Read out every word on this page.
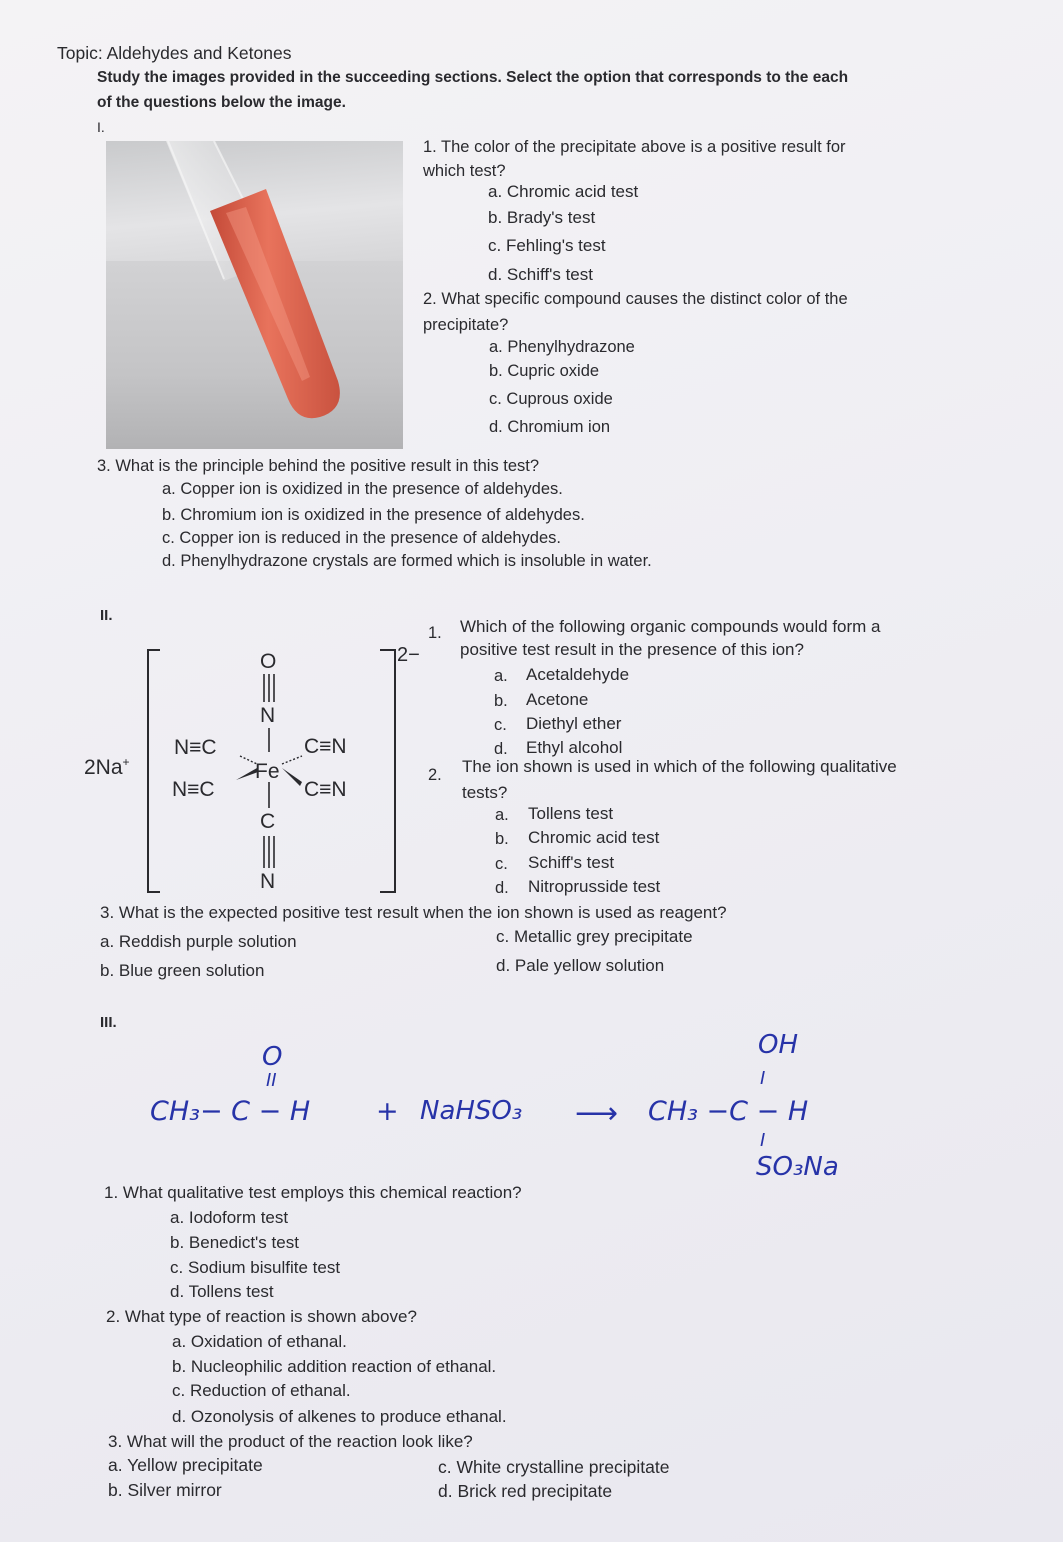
Topic: Aldehydes and Ketones
Study the images provided in the succeeding sections. Select the option that corresponds to the each
of the questions below the image.
I.
1. The color of the precipitate above is a positive result for
which test?
a. Chromic acid test
b. Brady's test
c. Fehling's test
d. Schiff's test
2. What specific compound causes the distinct color of the
precipitate?
a. Phenylhydrazone
b. Cupric oxide
c. Cuprous oxide
d. Chromium ion
3. What is the principle behind the positive result in this test?
a. Copper ion is oxidized in the presence of aldehydes.
b. Chromium ion is oxidized in the presence of aldehydes.
c. Copper ion is reduced in the presence of aldehydes.
d. Phenylhydrazone crystals are formed which is insoluble in water.
II.
2Na+
2−
O
N
N≡C	C≡N
Fe
N≡C	C≡N
C
N
1. Which of the following organic compounds would form a
positive test result in the presence of this ion?
a. Acetaldehyde
b. Acetone
c. Diethyl ether
d. Ethyl alcohol
2. The ion shown is used in which of the following qualitative
tests?
a. Tollens test
b. Chromic acid test
c. Schiff's test
d. Nitroprusside test
3. What is the expected positive test result when the ion shown is used as reagent?
a. Reddish purple solution
b. Blue green solution
c. Metallic grey precipitate
d. Pale yellow solution
III.
O
II
CH₃− C − H + NaHSO₃ ⟶
OH
I
CH₃ −C − H
I
SO₃Na
1. What qualitative test employs this chemical reaction?
a. Iodoform test
b. Benedict's test
c. Sodium bisulfite test
d. Tollens test
2. What type of reaction is shown above?
a. Oxidation of ethanal.
b. Nucleophilic addition reaction of ethanal.
c. Reduction of ethanal.
d. Ozonolysis of alkenes to produce ethanal.
3. What will the product of the reaction look like?
a. Yellow precipitate
b. Silver mirror
c. White crystalline precipitate
d. Brick red precipitate
